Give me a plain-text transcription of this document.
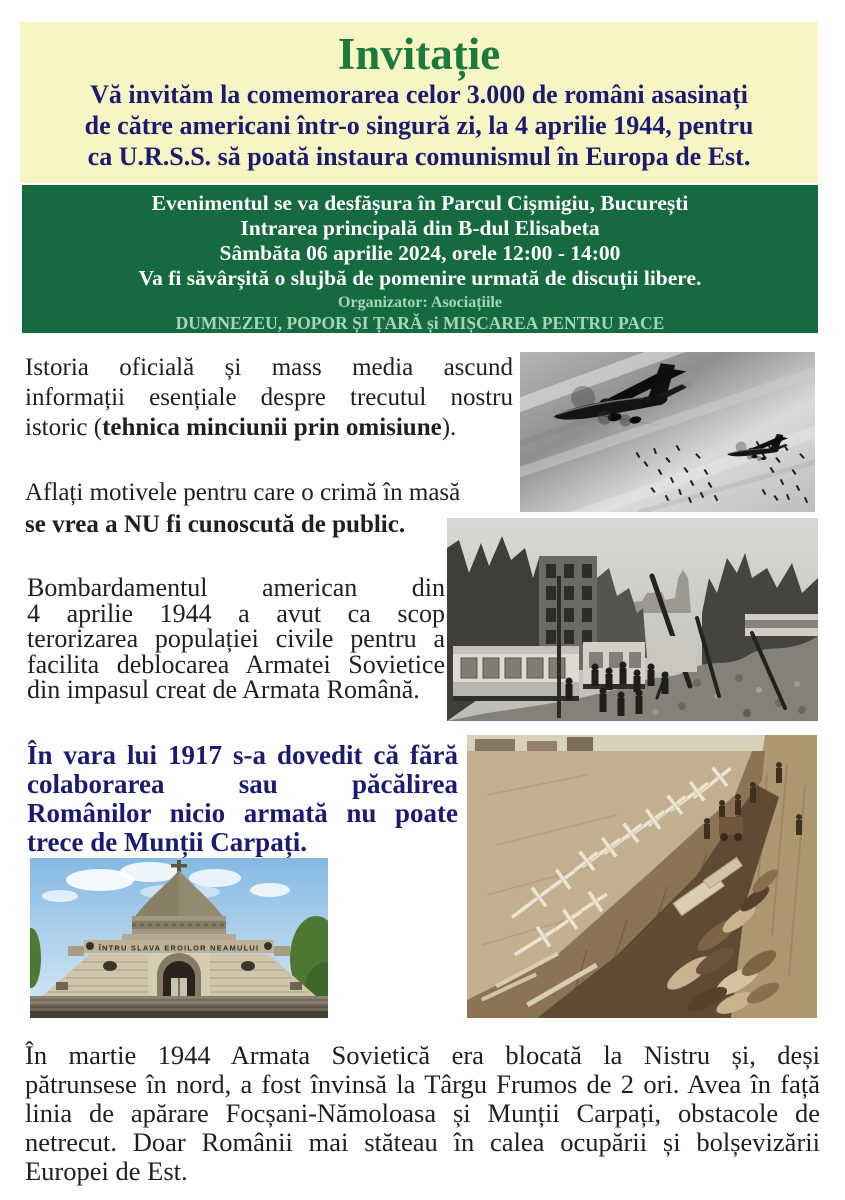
Invitație
Vă invităm la comemorarea celor 3.000 de români asasinați
de către americani într-o singură zi, la 4 aprilie 1944, pentru
ca U.R.S.S. să poată instaura comunismul în Europa de Est.
Evenimentul se va desfășura în Parcul Cișmigiu, București
Intrarea principală din B-dul Elisabeta
Sâmbăta 06 aprilie 2024, orele 12:00 - 14:00
Va fi săvârșită o slujbă de pomenire urmată de discuții libere.
Organizator: Asociațiile
DUMNEZEU, POPOR ȘI ȚARĂ și MIȘCAREA PENTRU PACE
Istoria oficială și mass media ascund
informații esențiale despre trecutul nostru
istoric (tehnica minciunii prin omisiune).
Aflați motivele pentru care o crimă în masă
se vrea a NU fi cunoscută de public.
Bombardamentul american din
4 aprilie 1944 a avut ca scop
terorizarea populației civile pentru a
facilita deblocarea Armatei Sovietice
din impasul creat de Armata Română.
În vara lui 1917 s-a dovedit că fără
colaborarea sau păcălirea
Românilor nicio armată nu poate
trece de Munții Carpați.
În martie 1944 Armata Sovietică era blocată la Nistru și, deși
pătrunsese în nord, a fost învinsă la Târgu Frumos de 2 ori. Avea în față
linia de apărare Focșani-Nămoloasa și Munții Carpați, obstacole de
netrecut. Doar Românii mai stăteau în calea ocupării și bolșevizării
Europei de Est.
ÎNTRU SLAVA EROILOR NEAMULUI
